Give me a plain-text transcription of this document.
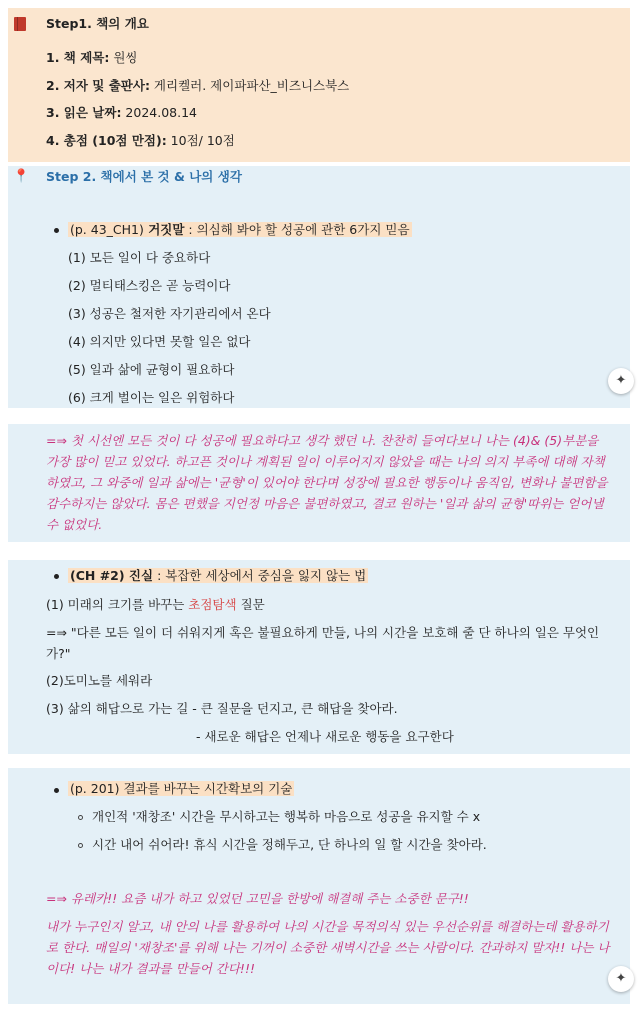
Step1. 책의 개요
1. 책 제목: 원씽
2. 저자 및 출판사: 게리켈러. 제이파파산_비즈니스북스
3. 읽은 날짜: 2024.08.14
4. 총점 (10점 만점): 10점/ 10점
📍 Step 2. 책에서 본 것 & 나의 생각
(p. 43_CH1) 거짓말 : 의심해 봐야 할 성공에 관한 6가지 믿음
(1) 모든 일이 다 중요하다
(2) 멀티태스킹은 곧 능력이다
(3) 성공은 철저한 자기관리에서 온다
(4) 의지만 있다면 못할 일은 없다
(5) 일과 삶에 균형이 필요하다
(6) 크게 벌이는 일은 위험하다
✦
=⇒ 첫 시선엔 모든 것이 다 성공에 필요하다고 생각 했던 나. 찬찬히 들여다보니 나는 (4)& (5)부분을 가장 많이 믿고 있었다. 하고픈 것이나 계획된 일이 이루어지지 않았을 때는 나의 의지 부족에 대해 자책하였고, 그 와중에 일과 삶에는 '균형'이 있어야 한다며 성장에 필요한 행동이나 움직임, 변화나 불편함을 감수하지는 않았다. 몸은 편했을 지언정 마음은 불편하였고, 결코 원하는 '일과 삶의 균형'따위는 얻어낼 수 없었다.
(CH #2) 진실 : 복잡한 세상에서 중심을 잃지 않는 법
(1) 미래의 크기를 바꾸는 초점탐색 질문
=⇒ "다른 모든 일이 더 쉬워지게 혹은 불필요하게 만들, 나의 시간을 보호해 줄 단 하나의 일은 무엇인가?"
(2)도미노를 세워라
(3) 삶의 해답으로 가는 길 - 큰 질문을 던지고, 큰 해답을 찾아라.
- 새로운 해답은 언제나 새로운 행동을 요구한다
(p. 201) 결과를 바꾸는 시간확보의 기술
개인적 '재창조' 시간을 무시하고는 행복하 마음으로 성공을 유지할 수 x
시간 내어 쉬어라! 휴식 시간을 정해두고, 단 하나의 일 할 시간을 찾아라.
=⇒ 유레카!! 요즘 내가 하고 있었던 고민을 한방에 해결해 주는 소중한 문구!!
내가 누구인지 알고, 내 안의 나를 활용하여 나의 시간을 목적의식 있는 우선순위를 해결하는데 활용하기로 한다. 매일의 '재창조'를 위해 나는 기꺼이 소중한 새벽시간을 쓰는 사람이다. 간과하지 말자!! 나는 나이다! 나는 내가 결과를 만들어 간다!!!
✦
